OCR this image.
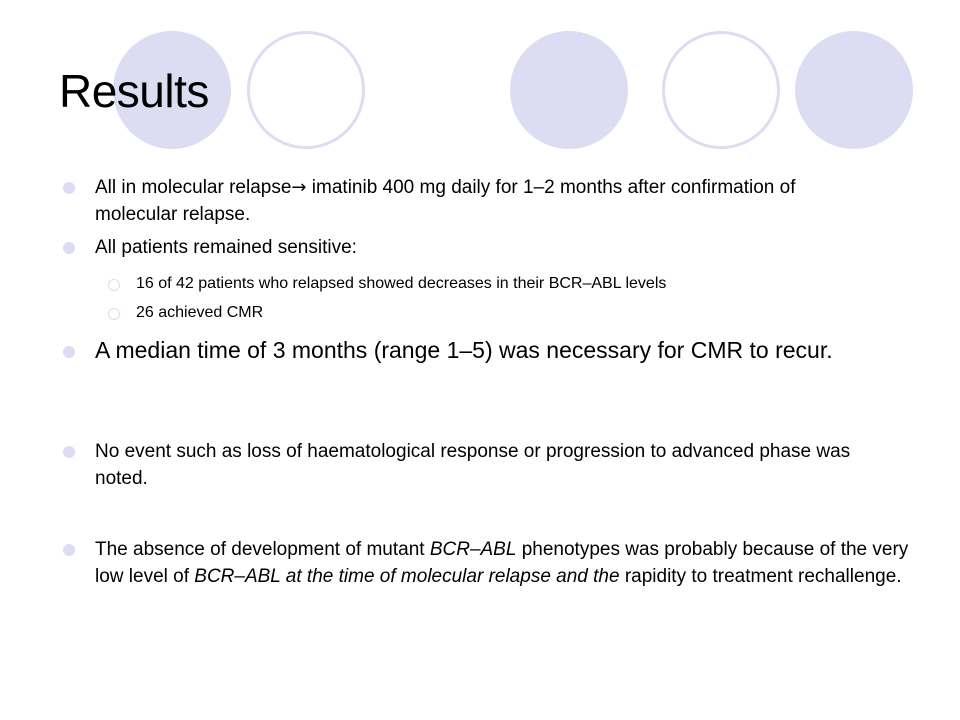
Results
All in molecular relapse→ imatinib 400 mg daily for 1–2 months after confirmation of molecular relapse.
All patients remained sensitive:
16 of 42 patients who relapsed showed decreases in their BCR–ABL levels
26 achieved CMR
A median time of 3 months (range 1–5) was necessary for CMR to recur.
No event such as loss of haematological response or progression to advanced phase was noted.
The absence of development of mutant BCR–ABL phenotypes was probably because of the very low level of BCR–ABL at the time of molecular relapse and the rapidity to treatment rechallenge.
